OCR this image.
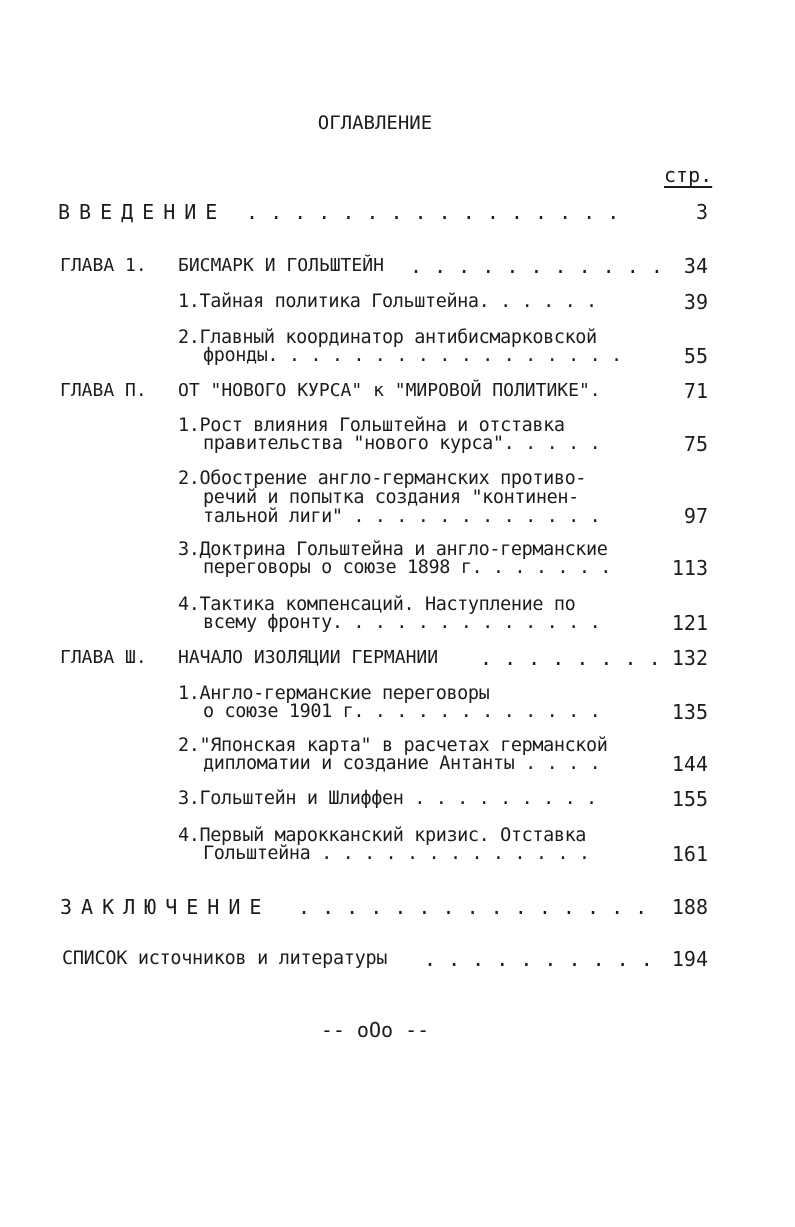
ОГЛАВЛЕНИЕ
стр.
ВВЕДЕНИЕ . . . . . . . . . . . . . . . .	3
ГЛАВА 1. БИСМАРК И ГОЛЬШТЕЙН . . . . . . . . . . .	34
1.Тайная политика Гольштейна. . . . . .	39
2.Главный координатор антибисмарковской
фронды. . . . . . . . . . . . . . . . .	55
ГЛАВА П. ОТ "НОВОГО КУРСА" к "МИРОВОЙ ПОЛИТИКЕ".	71
1.Рост влияния Гольштейна и отставка
правительства "нового курса". . . . .	75
2.Обострение англо-германских противо-
речий и попытка создания "континен-
тальной лиги" . . . . . . . . . . . .	97
3.Доктрина Гольштейна и англо-германские
переговоры о союзе 1898 г. . . . . . .	113
4.Тактика компенсаций. Наступление по
всему фронту. . . . . . . . . . . . .	121
ГЛАВА Ш. НАЧАЛО ИЗОЛЯЦИИ ГЕРМАНИИ . . . . . . . . 132
1.Англо-германские переговоры
о союзе 1901 г. . . . . . . . . . . .	135
2."Японская карта" в расчетах германской
дипломатии и создание Антанты . . . .	144
3.Гольштейн и Шлиффен . . . . . . . . .	155
4.Первый марокканский кризис. Отставка
Гольштейна . . . . . . . . . . . . .	161
ЗАКЛЮЧЕНИЕ . . . . . . . . . . . . . . .	188
СПИСОК источников и литературы . . . . . . . . . . 194
-- oOo --
